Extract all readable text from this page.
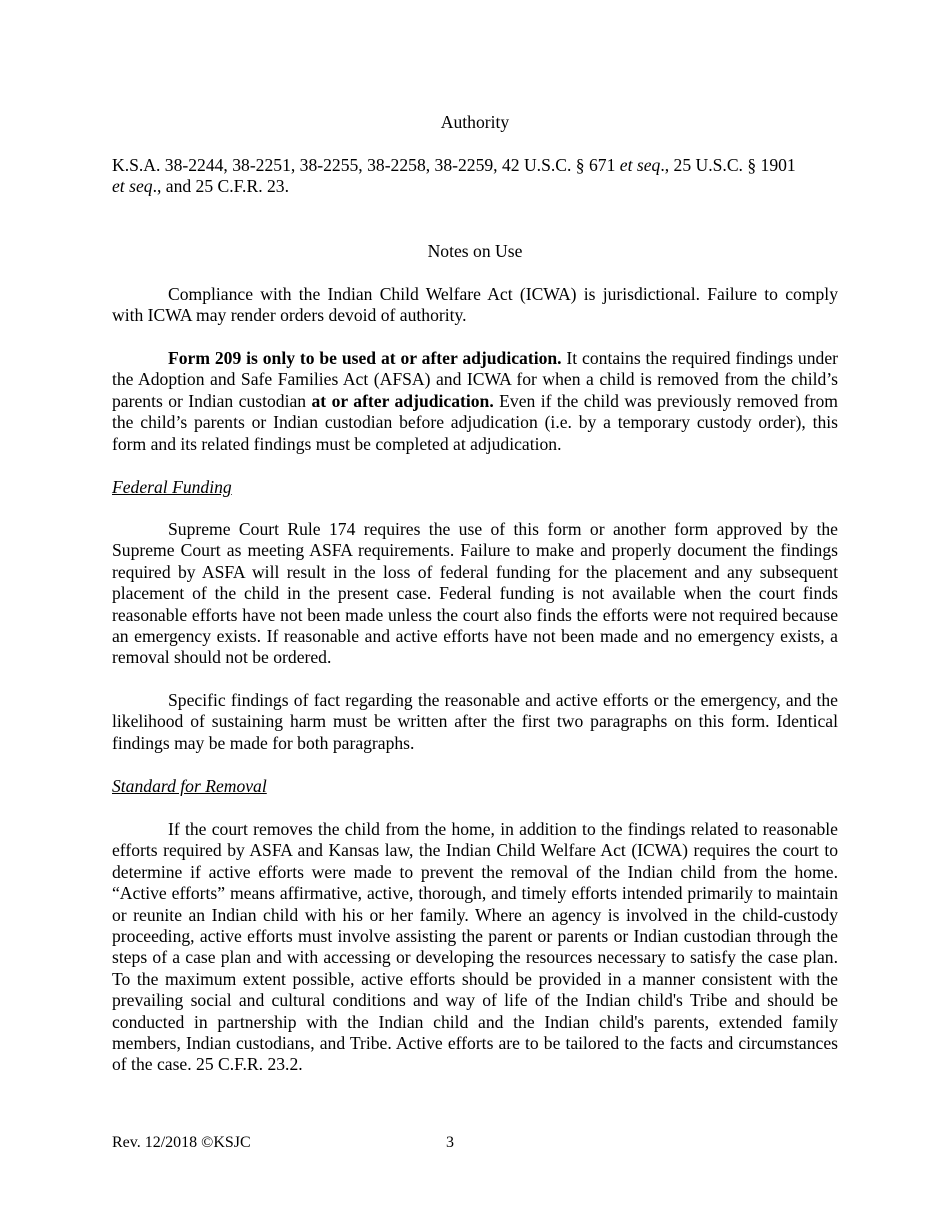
Authority

K.S.A. 38-2244, 38-2251, 38-2255, 38-2258, 38-2259, 42 U.S.C. § 671 et seq., 25 U.S.C. § 1901 et seq., and 25 C.F.R. 23.

Notes on Use

Compliance with the Indian Child Welfare Act (ICWA) is jurisdictional. Failure to comply with ICWA may render orders devoid of authority.

Form 209 is only to be used at or after adjudication. It contains the required findings under the Adoption and Safe Families Act (AFSA) and ICWA for when a child is removed from the child’s parents or Indian custodian at or after adjudication. Even if the child was previously removed from the child’s parents or Indian custodian before adjudication (i.e. by a temporary custody order), this form and its related findings must be completed at adjudication.

Federal Funding

Supreme Court Rule 174 requires the use of this form or another form approved by the Supreme Court as meeting ASFA requirements. Failure to make and properly document the findings required by ASFA will result in the loss of federal funding for the placement and any subsequent placement of the child in the present case. Federal funding is not available when the court finds reasonable efforts have not been made unless the court also finds the efforts were not required because an emergency exists. If reasonable and active efforts have not been made and no emergency exists, a removal should not be ordered.

Specific findings of fact regarding the reasonable and active efforts or the emergency, and the likelihood of sustaining harm must be written after the first two paragraphs on this form. Identical findings may be made for both paragraphs.

Standard for Removal

If the court removes the child from the home, in addition to the findings related to reasonable efforts required by ASFA and Kansas law, the Indian Child Welfare Act (ICWA) requires the court to determine if active efforts were made to prevent the removal of the Indian child from the home. “Active efforts” means affirmative, active, thorough, and timely efforts intended primarily to maintain or reunite an Indian child with his or her family. Where an agency is involved in the child-custody proceeding, active efforts must involve assisting the parent or parents or Indian custodian through the steps of a case plan and with accessing or developing the resources necessary to satisfy the case plan. To the maximum extent possible, active efforts should be provided in a manner consistent with the prevailing social and cultural conditions and way of life of the Indian child's Tribe and should be conducted in partnership with the Indian child and the Indian child's parents, extended family members, Indian custodians, and Tribe. Active efforts are to be tailored to the facts and circumstances of the case. 25 C.F.R. 23.2.

Rev. 12/2018 ©KSJC	3
